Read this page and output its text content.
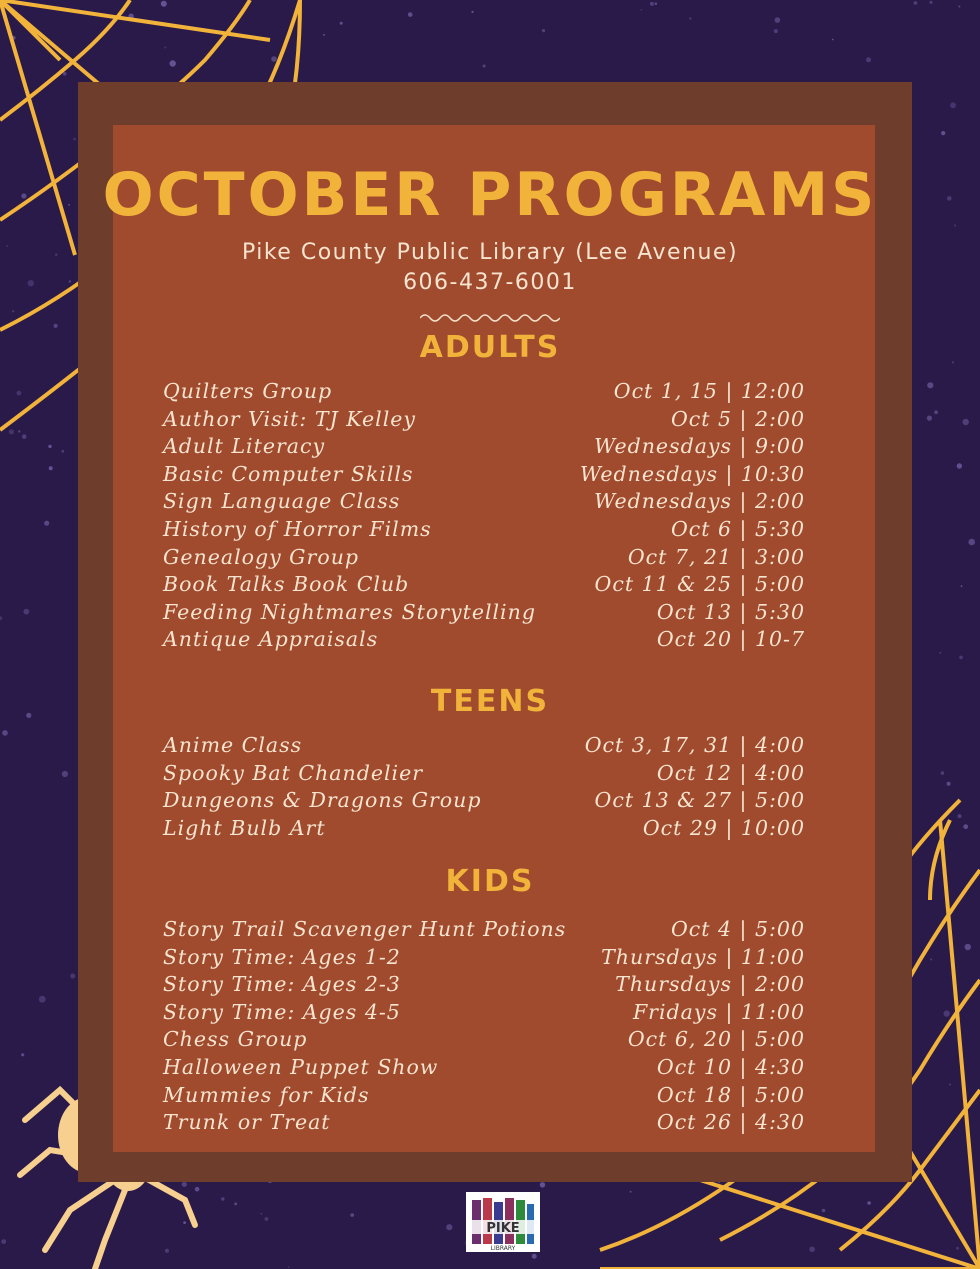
OCTOBER PROGRAMS
Pike County Public Library (Lee Avenue)
606-437-6001
ADULTS
Quilters Group	Oct 1, 15 | 12:00
Author Visit: TJ Kelley	Oct 5 | 2:00
Adult Literacy	Wednesdays | 9:00
Basic Computer Skills	Wednesdays | 10:30
Sign Language Class	Wednesdays | 2:00
History of Horror Films	Oct 6 | 5:30
Genealogy Group	Oct 7, 21 | 3:00
Book Talks Book Club	Oct 11 & 25 | 5:00
Feeding Nightmares Storytelling	Oct 13 | 5:30
Antique Appraisals	Oct 20 | 10-7
TEENS
Anime Class	Oct 3, 17, 31 | 4:00
Spooky Bat Chandelier	Oct 12 | 4:00
Dungeons & Dragons Group	Oct 13 & 27 | 5:00
Light Bulb Art	Oct 29 | 10:00
KIDS
Story Trail Scavenger Hunt Potions	Oct 4 | 5:00
Story Time: Ages 1-2	Thursdays | 11:00
Story Time: Ages 2-3	Thursdays | 2:00
Story Time: Ages 4-5	Fridays | 11:00
Chess Group	Oct 6, 20 | 5:00
Halloween Puppet Show	Oct 10 | 4:30
Mummies for Kids	Oct 18 | 5:00
Trunk or Treat	Oct 26 | 4:30
PIKE
LIBRARY
